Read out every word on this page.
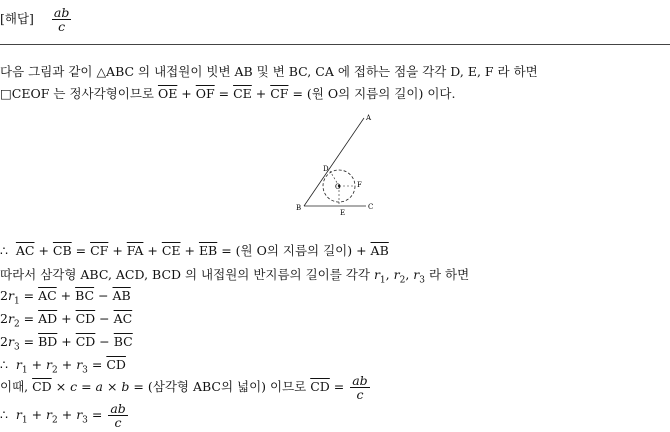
[해답] $\frac{ab}{c}$
다음 그림과 같이 △ABC 의 내접원이 빗변 AB 및 변 BC, CA 에 접하는 점을 각각 D, E, F 라 하면
□CEOF 는 정사각형이므로 $\overline{OE} + \overline{OF} = \overline{CE} + \overline{CF}$ = (원 O의 지름의 길이) 이다.
A
B	C
D
E
F
O
∴ $\overline{AC} + \overline{CB} = \overline{CF} + \overline{FA} + \overline{CE} + \overline{EB}$ = (원 O의 지름의 길이) + $\overline{AB}$
따라서 삼각형 ABC, ACD, BCD 의 내접원의 반지름의 길이를 각각 $r_1$, $r_2$, $r_3$ 라 하면
$2r_1 = \overline{AC} + \overline{BC} - \overline{AB}$
$2r_2 = \overline{AD} + \overline{CD} - \overline{AC}$
$2r_3 = \overline{BD} + \overline{CD} - \overline{BC}$
∴ $r_1 + r_2 + r_3 = \overline{CD}$
이때, $\overline{CD} \times c = a \times b$ = (삼각형 ABC의 넓이) 이므로 $\overline{CD} = \frac{ab}{c}$
∴ $r_1 + r_2 + r_3 = \frac{ab}{c}$
